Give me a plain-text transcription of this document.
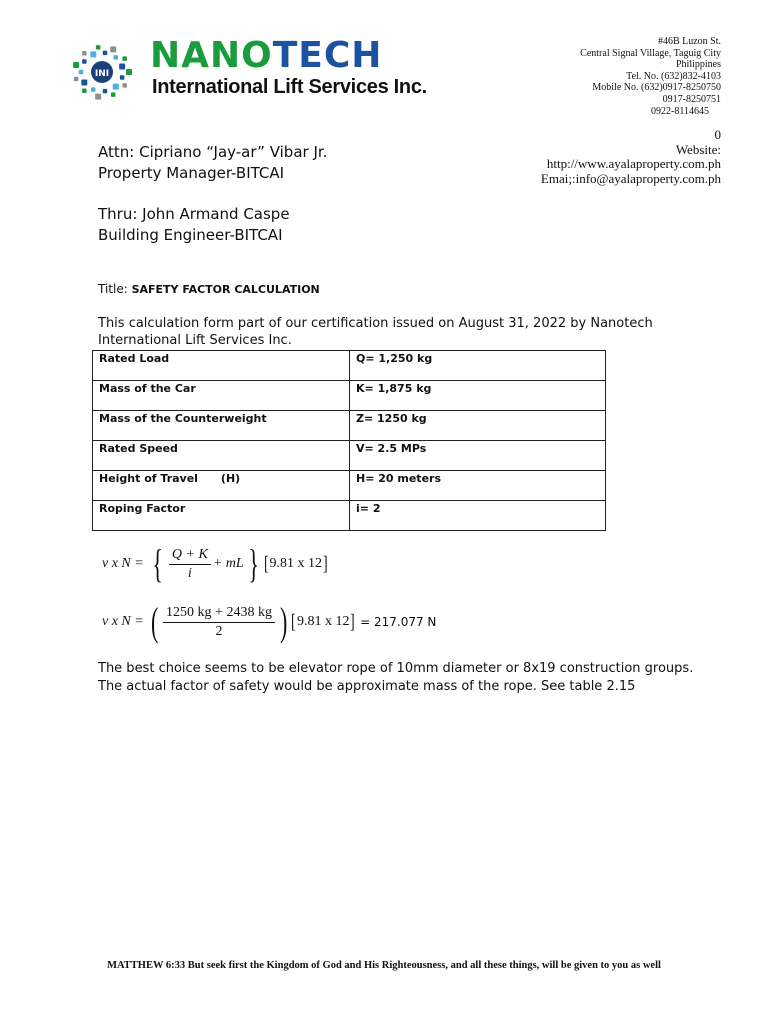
INI NANOTECH
International Lift Services Inc.
#46B Luzon St.
Central Signal Village, Taguig City
Philippines
Tel. No. (632)832-4103
Mobile No. (632)0917-8250750
0917-8250751
0922-8114645
0
Website:
http://www.ayalaproperty.com.ph
Emai;:info@ayalaproperty.com.ph
Attn: Cipriano “Jay-ar” Vibar Jr.
Property Manager-BITCAI
Thru: John Armand Caspe
Building Engineer-BITCAI
Title: SAFETY FACTOR CALCULATION
This calculation form part of our certification issued on August 31, 2022 by Nanotech International Lift Services Inc.
Rated Load	Q= 1,250 kg
Mass of the Car	K= 1,875 kg
Mass of the Counterweight	Z= 1250 kg
Rated Speed	V= 2.5 MPs
Height of Travel      (H)	H= 20 meters
Roping Factor	i= 2
v x N = { $\frac{Q + K}{i}$ + mL } [ 9.81 x 12 ]
v x N = ( $\frac{1250 kg + 2438 kg}{2}$ ) [ 9.81 x 12 ] = 217.077 N
The best choice seems to be elevator rope of 10mm diameter or 8x19 construction groups.
The actual factor of safety would be approximate mass of the rope. See table 2.15
MATTHEW 6:33 But seek first the Kingdom of God and His Righteousness, and all these things, will be given to you as well
